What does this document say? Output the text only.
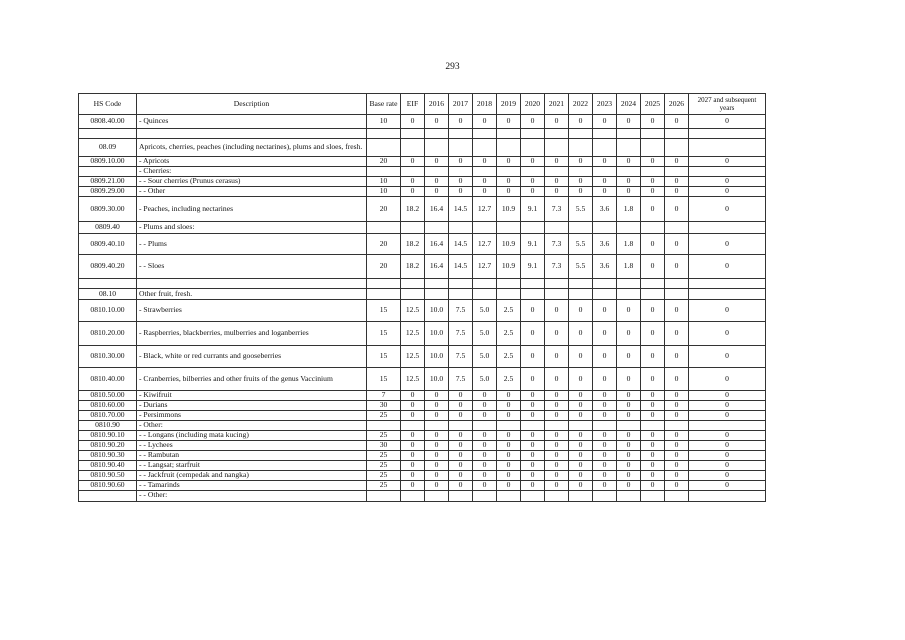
293
HS Code	Description	Base rate	EIF	2016	2017	2018	2019	2020	2021	2022	2023	2024	2025	2026	2027 and subsequent years
0808.40.00	- Quinces	10	0	0	0	0	0	0	0	0	0	0	0	0	0

08.09	Apricots, cherries, peaches (including nectarines), plums and sloes, fresh.														
0809.10.00	- Apricots	20	0	0	0	0	0	0	0	0	0	0	0	0	0
	- Cherries:														
0809.21.00	- - Sour cherries (Prunus cerasus)	10	0	0	0	0	0	0	0	0	0	0	0	0	0
0809.29.00	- - Other	10	0	0	0	0	0	0	0	0	0	0	0	0	0
0809.30.00	- Peaches, including nectarines	20	18.2	16.4	14.5	12.7	10.9	9.1	7.3	5.5	3.6	1.8	0	0	0
0809.40	- Plums and sloes:														
0809.40.10	- - Plums	20	18.2	16.4	14.5	12.7	10.9	9.1	7.3	5.5	3.6	1.8	0	0	0
0809.40.20	- - Sloes	20	18.2	16.4	14.5	12.7	10.9	9.1	7.3	5.5	3.6	1.8	0	0	0

08.10	Other fruit, fresh.														
0810.10.00	- Strawberries	15	12.5	10.0	7.5	5.0	2.5	0	0	0	0	0	0	0	0
0810.20.00	- Raspberries, blackberries, mulberries and loganberries	15	12.5	10.0	7.5	5.0	2.5	0	0	0	0	0	0	0	0
0810.30.00	- Black, white or red currants and gooseberries	15	12.5	10.0	7.5	5.0	2.5	0	0	0	0	0	0	0	0
0810.40.00	- Cranberries, bilberries and other fruits of the genus Vaccinium	15	12.5	10.0	7.5	5.0	2.5	0	0	0	0	0	0	0	0
0810.50.00	- Kiwifruit	7	0	0	0	0	0	0	0	0	0	0	0	0	0
0810.60.00	- Durians	30	0	0	0	0	0	0	0	0	0	0	0	0	0
0810.70.00	- Persimmons	25	0	0	0	0	0	0	0	0	0	0	0	0	0
0810.90	- Other:														
0810.90.10	- - Longans (including mata kucing)	25	0	0	0	0	0	0	0	0	0	0	0	0	0
0810.90.20	- - Lychees	30	0	0	0	0	0	0	0	0	0	0	0	0	0
0810.90.30	- - Rambutan	25	0	0	0	0	0	0	0	0	0	0	0	0	0
0810.90.40	- - Langsat; starfruit	25	0	0	0	0	0	0	0	0	0	0	0	0	0
0810.90.50	- - Jackfruit (cempedak and nangka)	25	0	0	0	0	0	0	0	0	0	0	0	0	0
0810.90.60	- - Tamarinds	25	0	0	0	0	0	0	0	0	0	0	0	0	0
	- - Other:														
